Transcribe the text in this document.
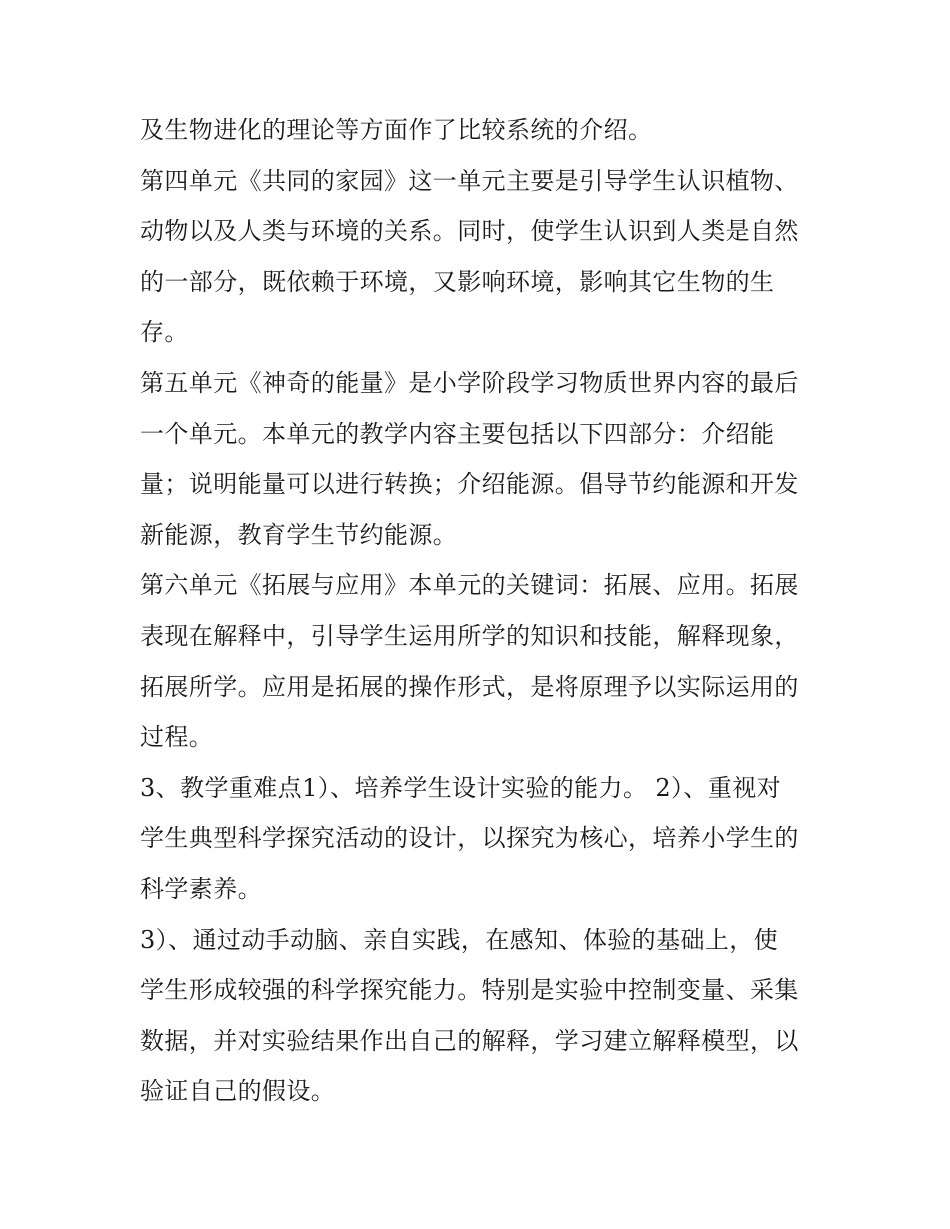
及生物进化的理论等方面作了比较系统的介绍。
第四单元《共同的家园》这一单元主要是引导学生认识植物、
动物以及人类与环境的关系。同时，使学生认识到人类是自然
的一部分，既依赖于环境，又影响环境，影响其它生物的生
存。
第五单元《神奇的能量》是小学阶段学习物质世界内容的最后
一个单元。本单元的教学内容主要包括以下四部分：介绍能
量；说明能量可以进行转换；介绍能源。倡导节约能源和开发
新能源，教育学生节约能源。
第六单元《拓展与应用》本单元的关键词：拓展、应用。拓展
表现在解释中，引导学生运用所学的知识和技能，解释现象，
拓展所学。应用是拓展的操作形式，是将原理予以实际运用的
过程。
3、教学重难点1）、培养学生设计实验的能力。 2）、重视对
学生典型科学探究活动的设计，以探究为核心，培养小学生的
科学素养。
3）、通过动手动脑、亲自实践，在感知、体验的基础上，使
学生形成较强的科学探究能力。特别是实验中控制变量、采集
数据，并对实验结果作出自己的解释，学习建立解释模型，以
验证自己的假设。
